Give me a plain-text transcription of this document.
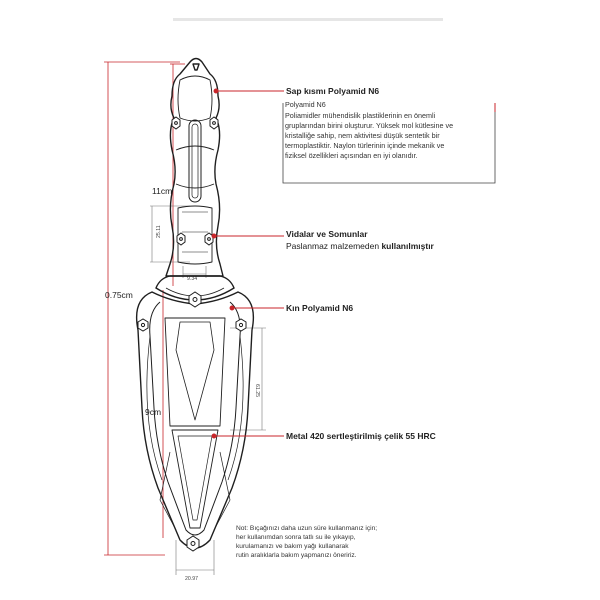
25.11
9.34
61.25
20.97
0.75cm
11cm
9cm
Sap kısmı Polyamid N6
Polyamid N6
Poliamidler mühendislik plastiklerinin en önemli
gruplarından birini oluşturur. Yüksek mol kütlesine ve
kristalliğe sahip, nem aktivitesi düşük sentetik bir
termoplastiktir. Naylon türlerinin içinde mekanik ve
fiziksel özellikleri açısından en iyi olanıdır.
Vidalar ve Somunlar
Paslanmaz malzemeden kullanılmıştır
Kın Polyamid N6
Metal 420 sertleştirilmiş çelik 55 HRC
Not: Bıçağınızı daha uzun süre kullanmanız için;
her kullanımdan sonra tatlı su ile yıkayıp,
kurulamanızı ve bakım yağı kullanarak
rutin aralıklarla bakım yapmanızı öneririz.
